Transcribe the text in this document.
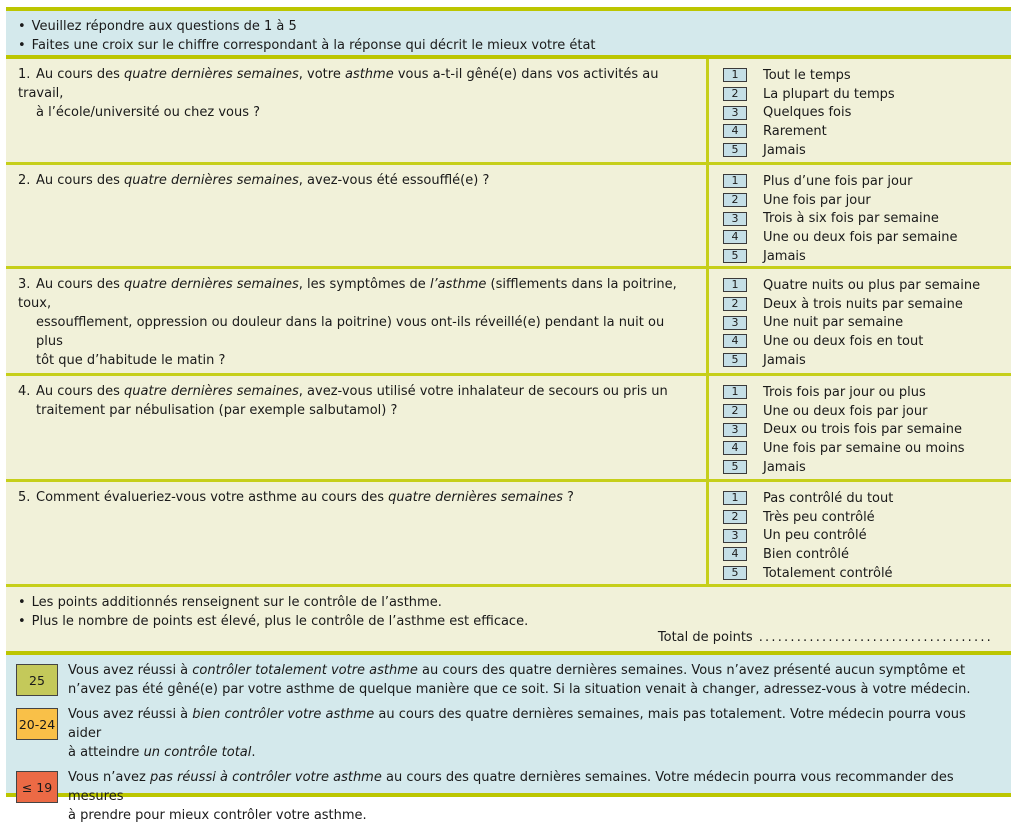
• Veuillez répondre aux questions de 1 à 5
• Faites une croix sur le chiffre correspondant à la réponse qui décrit le mieux votre état
1. Au cours des quatre dernières semaines, votre asthme vous a-t-il gêné(e) dans vos activités au travail,
à l’école/université ou chez vous ?
1	Tout le temps
2	La plupart du temps
3	Quelques fois
4	Rarement
5	Jamais
2. Au cours des quatre dernières semaines, avez-vous été essoufflé(e) ?	1	Plus d’une fois par jour
2	Une fois par jour
3	Trois à six fois par semaine
4	Une ou deux fois par semaine
5	Jamais
3. Au cours des quatre dernières semaines, les symptômes de l’asthme (sifflements dans la poitrine, toux,
essoufflement, oppression ou douleur dans la poitrine) vous ont-ils réveillé(e) pendant la nuit ou plus
tôt que d’habitude le matin ?
1	Quatre nuits ou plus par semaine
2	Deux à trois nuits par semaine
3	Une nuit par semaine
4	Une ou deux fois en tout
5	Jamais
4. Au cours des quatre dernières semaines, avez-vous utilisé votre inhalateur de secours ou pris un
traitement par nébulisation (par exemple salbutamol) ?
1	Trois fois par jour ou plus
2	Une ou deux fois par jour
3	Deux ou trois fois par semaine
4	Une fois par semaine ou moins
5	Jamais
5. Comment évalueriez-vous votre asthme au cours des quatre dernières semaines ?	1	Pas contrôlé du tout
2	Très peu contrôlé
3	Un peu contrôlé
4	Bien contrôlé
5	Totalement contrôlé
• Les points additionnés renseignent sur le contrôle de l’asthme.
• Plus le nombre de points est élevé, plus le contrôle de l’asthme est efficace.
Total de points .....................................
25
Vous avez réussi à contrôler totalement votre asthme au cours des quatre dernières semaines. Vous n’avez présenté aucun symptôme et
n’avez pas été gêné(e) par votre asthme de quelque manière que ce soit. Si la situation venait à changer, adressez-vous à votre médecin.
20-24
Vous avez réussi à bien contrôler votre asthme au cours des quatre dernières semaines, mais pas totalement. Votre médecin pourra vous aider
à atteindre un contrôle total.
≤ 19
Vous n’avez pas réussi à contrôler votre asthme au cours des quatre dernières semaines. Votre médecin pourra vous recommander des mesures
à prendre pour mieux contrôler votre asthme.
